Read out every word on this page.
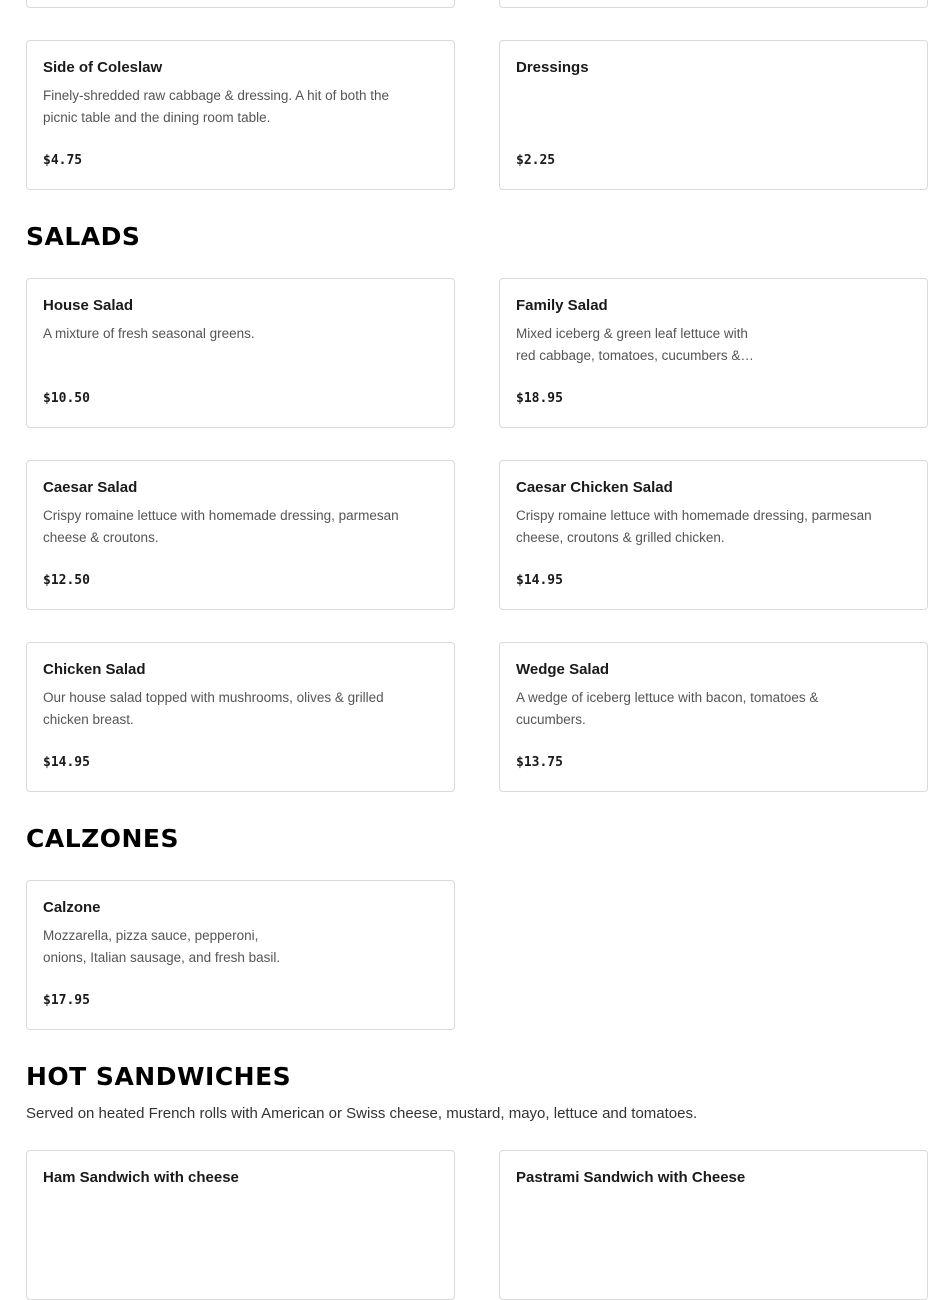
Side of Coleslaw
Finely-shredded raw cabbage & dressing. A hit of both the picnic table and the dining room table.
$4.75
Dressings
$2.25
SALADS
House Salad
A mixture of fresh seasonal greens.
$10.50
Family Salad
Mixed iceberg & green leaf lettuce with red cabbage, tomatoes, cucumbers &…
$18.95
Caesar Salad
Crispy romaine lettuce with homemade dressing, parmesan cheese & croutons.
$12.50
Caesar Chicken Salad
Crispy romaine lettuce with homemade dressing, parmesan cheese, croutons & grilled chicken.
$14.95
Chicken Salad
Our house salad topped with mushrooms, olives & grilled chicken breast.
$14.95
Wedge Salad
A wedge of iceberg lettuce with bacon, tomatoes & cucumbers.
$13.75
CALZONES
Calzone
Mozzarella, pizza sauce, pepperoni, onions, Italian sausage, and fresh basil.
$17.95
HOT SANDWICHES
Served on heated French rolls with American or Swiss cheese, mustard, mayo, lettuce and tomatoes.
Ham Sandwich with cheese	Pastrami Sandwich with Cheese
